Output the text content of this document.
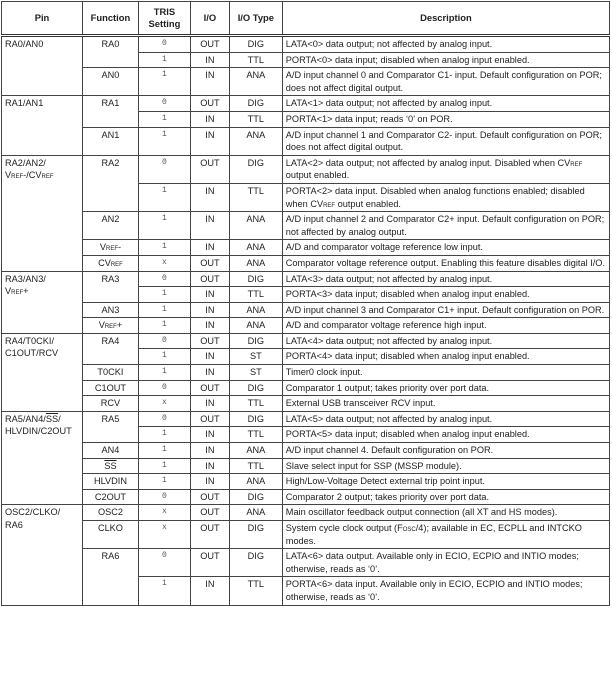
Pin	Function	TRIS Setting	I/O	I/O Type	Description
RA0/AN0	RA0	0	OUT	DIG	LATA<0> data output; not affected by analog input.
		1	IN	TTL	PORTA<0> data input; disabled when analog input enabled.
	AN0	1	IN	ANA	A/D input channel 0 and Comparator C1- input. Default configuration on POR; does not affect digital output.
RA1/AN1	RA1	0	OUT	DIG	LATA<1> data output; not affected by analog input.
		1	IN	TTL	PORTA<1> data input; reads ‘0’ on POR.
	AN1	1	IN	ANA	A/D input channel 1 and Comparator C2- input. Default configuration on POR; does not affect digital output.
RA2/AN2/
Vref-/CVref	RA2	0	OUT	DIG	LATA<2> data output; not affected by analog input. Disabled when CVref output enabled.
		1	IN	TTL	PORTA<2> data input. Disabled when analog functions enabled; disabled when CVref output enabled.
	AN2	1	IN	ANA	A/D input channel 2 and Comparator C2+ input. Default configuration on POR; not affected by analog output.
	Vref-	1	IN	ANA	A/D and comparator voltage reference low input.
	CVref	x	OUT	ANA	Comparator voltage reference output. Enabling this feature disables digital I/O.
RA3/AN3/
Vref+	RA3	0	OUT	DIG	LATA<3> data output; not affected by analog input.
		1	IN	TTL	PORTA<3> data input; disabled when analog input enabled.
	AN3	1	IN	ANA	A/D input channel 3 and Comparator C1+ input. Default configuration on POR.
	Vref+	1	IN	ANA	A/D and comparator voltage reference high input.
RA4/T0CKI/
C1OUT/RCV	RA4	0	OUT	DIG	LATA<4> data output; not affected by analog input.
		1	IN	ST	PORTA<4> data input; disabled when analog input enabled.
	T0CKI	1	IN	ST	Timer0 clock input.
	C1OUT	0	OUT	DIG	Comparator 1 output; takes priority over port data.
	RCV	x	IN	TTL	External USB transceiver RCV input.
$RA5/AN4/\overline{SS}/$
HLVDIN/C2OUT	RA5	0	OUT	DIG	LATA<5> data output; not affected by analog input.
		1	IN	TTL	PORTA<5> data input; disabled when analog input enabled.
	AN4	1	IN	ANA	A/D input channel 4. Default configuration on POR.
	$\overline{SS}$	1	IN	TTL	Slave select input for SSP (MSSP module).
	HLVDIN	1	IN	ANA	High/Low-Voltage Detect external trip point input.
	C2OUT	0	OUT	DIG	Comparator 2 output; takes priority over port data.
OSC2/CLKO/
RA6	OSC2	x	OUT	ANA	Main oscillator feedback output connection (all XT and HS modes).
	CLKO	x	OUT	DIG	System cycle clock output (Fosc/4); available in EC, ECPLL and INTCKO modes.
	RA6	0	OUT	DIG	LATA<6> data output. Available only in ECIO, ECPIO and INTIO modes; otherwise, reads as ‘0’.
		1	IN	TTL	PORTA<6> data input. Available only in ECIO, ECPIO and INTIO modes; otherwise, reads as ‘0’.
